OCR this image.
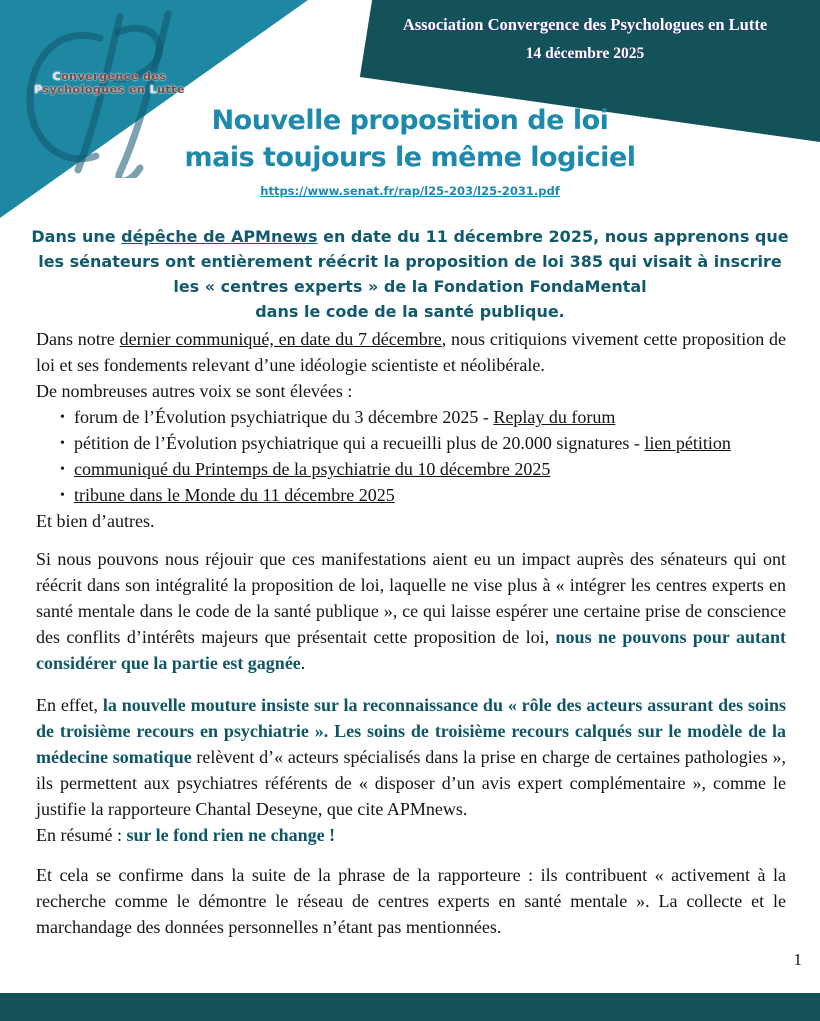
Convergence des
Psychologues en Lutte
Association Convergence des Psychologues en Lutte
14 décembre 2025
Nouvelle proposition de loi
mais toujours le même logiciel
https://www.senat.fr/rap/l25-203/l25-2031.pdf
Dans une dépêche de APMnews en date du 11 décembre 2025, nous apprenons que
les sénateurs ont entièrement réécrit la proposition de loi 385 qui visait à inscrire
les « centres experts » de la Fondation FondaMental
dans le code de la santé publique.

Dans notre dernier communiqué, en date du 7 décembre, nous critiquions vivement cette proposition de loi et ses fondements relevant d’une idéologie scientiste et néolibérale.
De nombreuses autres voix se sont élevées :

• forum de l’Évolution psychiatrique du 3 décembre 2025 - Replay du forum
• pétition de l’Évolution psychiatrique qui a recueilli plus de 20.000 signatures - lien pétition
• communiqué du Printemps de la psychiatrie du 10 décembre 2025
• tribune dans le Monde du 11 décembre 2025

Et bien d’autres.

Si nous pouvons nous réjouir que ces manifestations aient eu un impact auprès des sénateurs qui ont réécrit dans son intégralité la proposition de loi, laquelle ne vise plus à « intégrer les centres experts en santé mentale dans le code de la santé publique », ce qui laisse espérer une certaine prise de conscience des conflits d’intérêts majeurs que présentait cette proposition de loi, nous ne pouvons pour autant considérer que la partie est gagnée.

En effet, la nouvelle mouture insiste sur la reconnaissance du « rôle des acteurs assurant des soins de troisième recours en psychiatrie ». Les soins de troisième recours calqués sur le modèle de la médecine somatique relèvent d’« acteurs spécialisés dans la prise en charge de certaines pathologies », ils permettent aux psychiatres référents de « disposer d’un avis expert complémentaire », comme le justifie la rapporteure Chantal Deseyne, que cite APMnews.
En résumé : sur le fond rien ne change !

Et cela se confirme dans la suite de la phrase de la rapporteure : ils contribuent « activement à la recherche comme le démontre le réseau de centres experts en santé mentale ». La collecte et le marchandage des données personnelles n’étant pas mentionnées.

1
